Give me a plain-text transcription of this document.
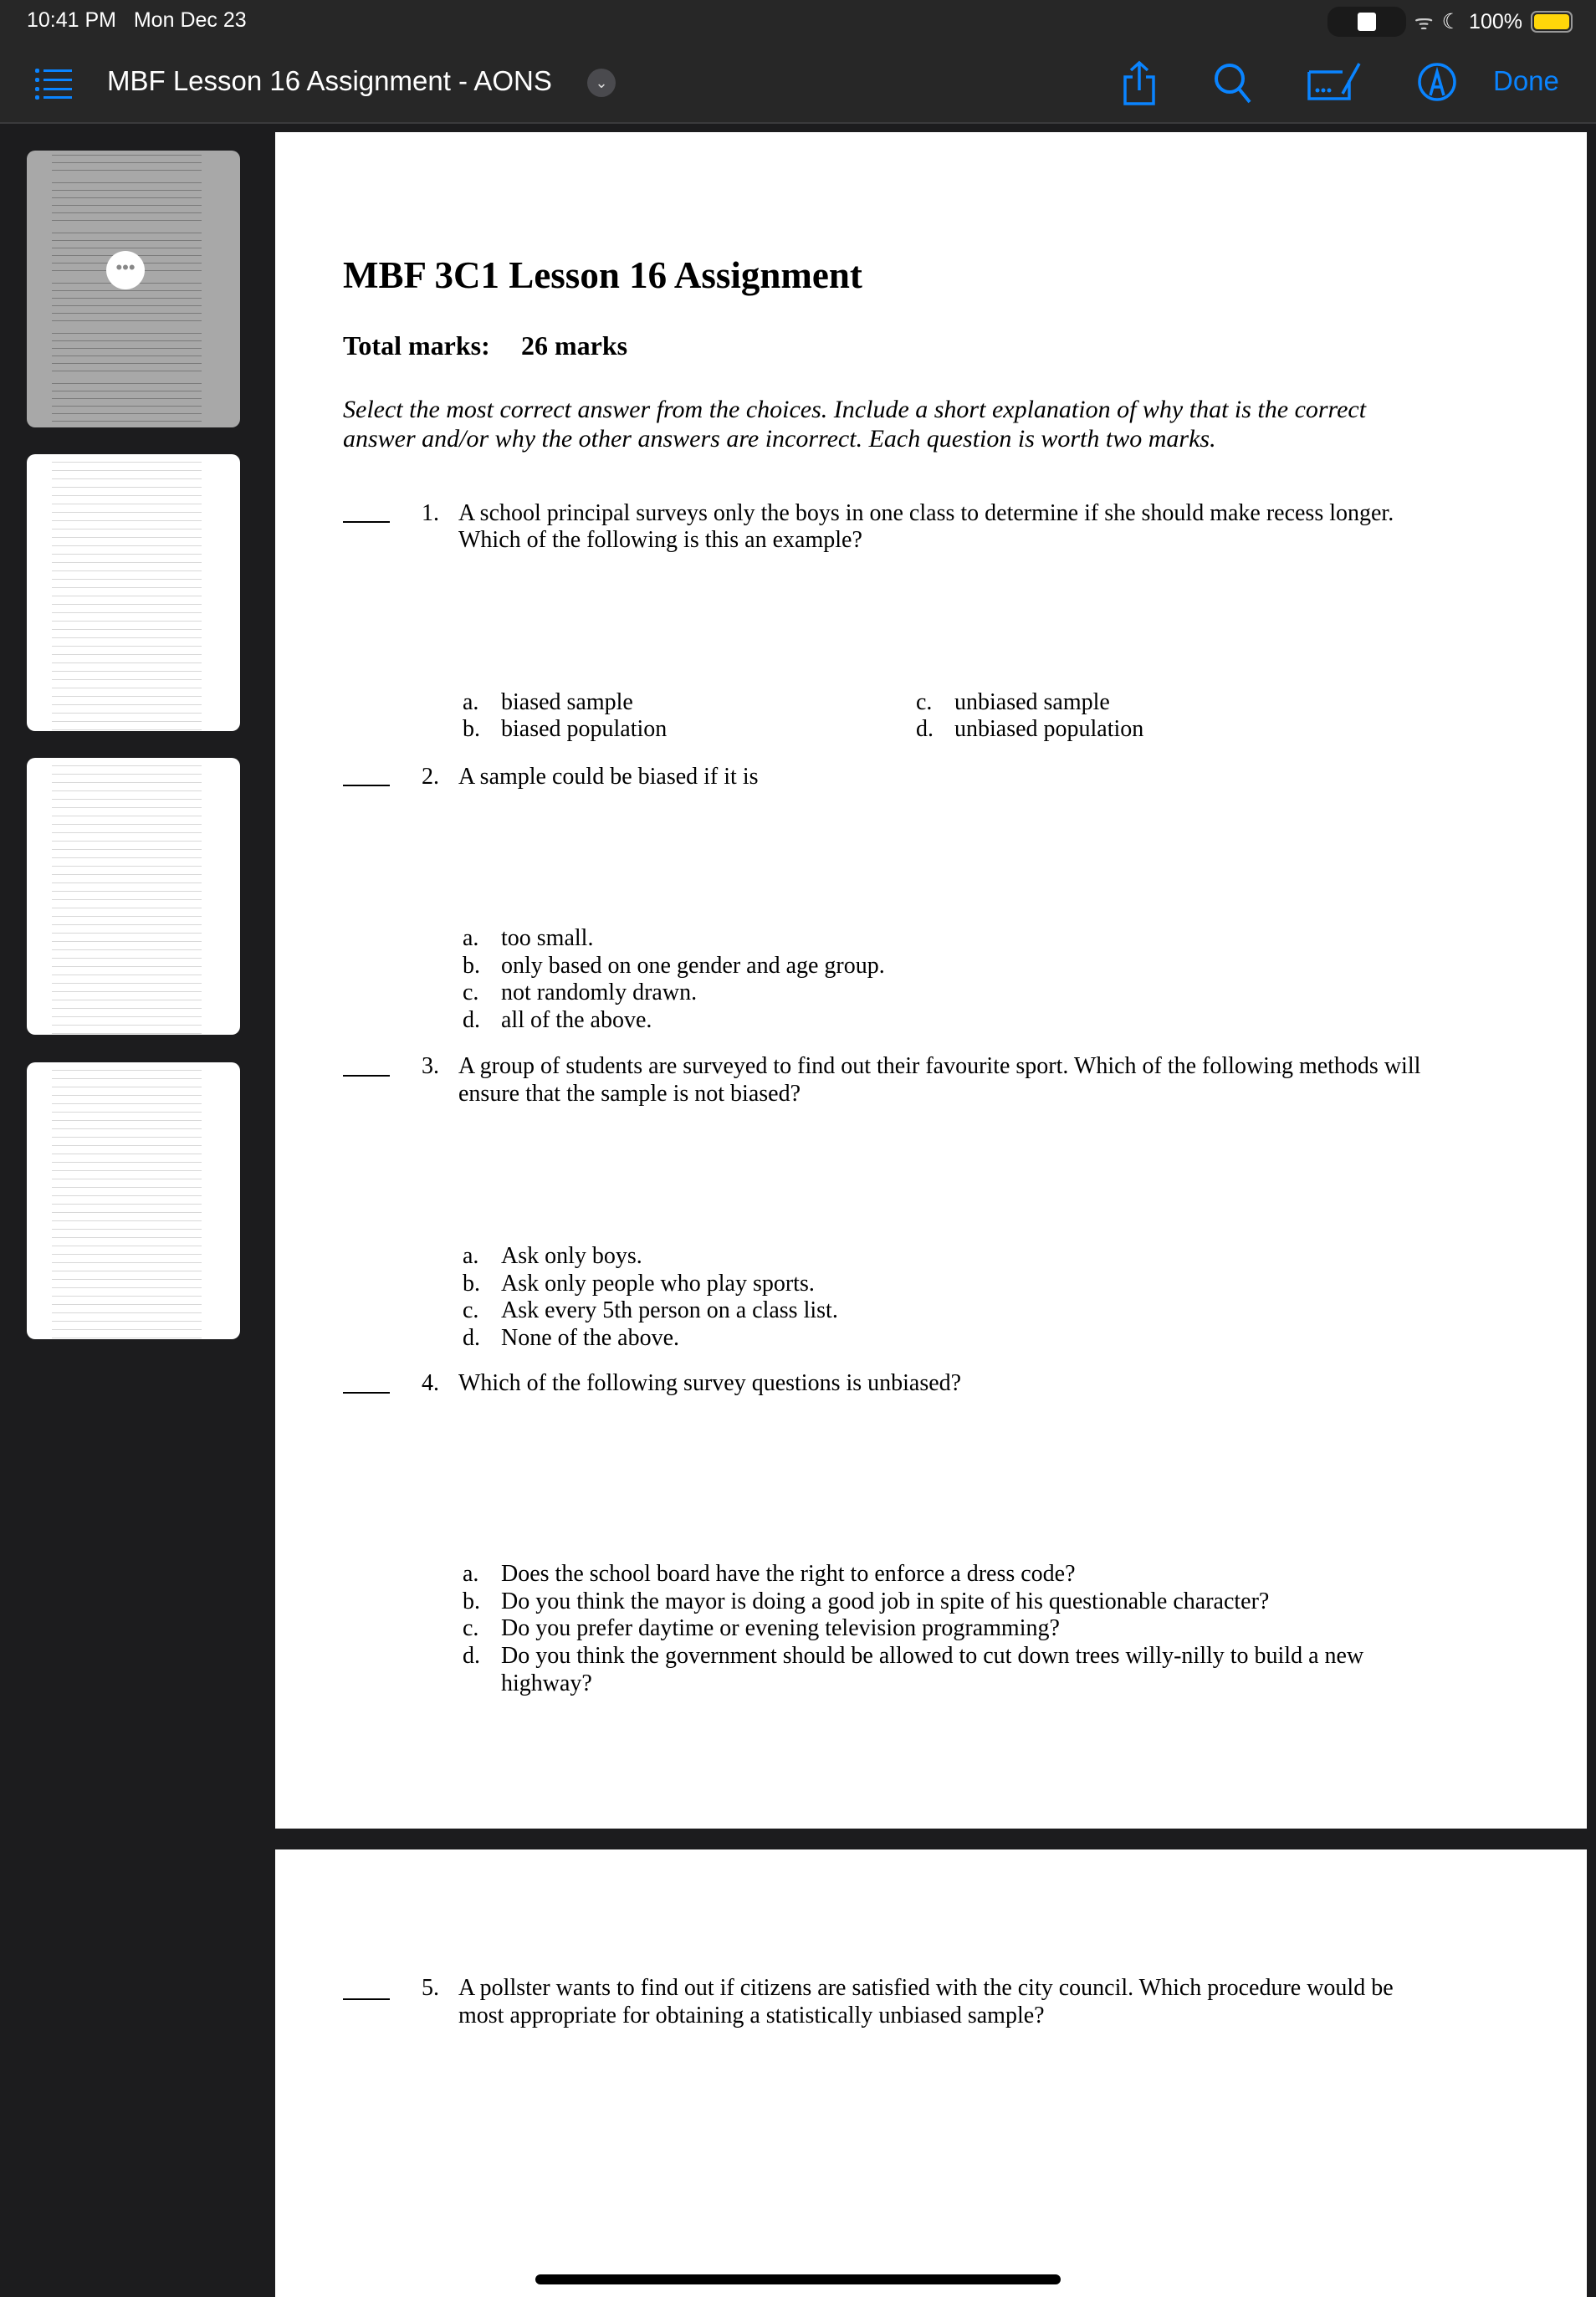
10:41 PM Mon Dec 23	ᯤ ☾ 100%
MBF Lesson 16 Assignment - AONS	⌄	Done
•••	MBF 3C1 Lesson 16 Assignment
Total marks: 26 marks
Select the most correct answer from the choices. Include a short explanation of why that is the correct
answer and/or why the other answers are incorrect. Each question is worth two marks.
1. A school principal surveys only the boys in one class to determine if she should make recess longer.
Which of the following is this an example?
a. biased sample
b. biased population
c. unbiased sample
d. unbiased population
2. A sample could be biased if it is
a. too small.
b. only based on one gender and age group.
c. not randomly drawn.
d. all of the above.
3. A group of students are surveyed to find out their favourite sport. Which of the following methods will
ensure that the sample is not biased?
a. Ask only boys.
b. Ask only people who play sports.
c. Ask every 5th person on a class list.
d. None of the above.
4. Which of the following survey questions is unbiased?
a. Does the school board have the right to enforce a dress code?
b. Do you think the mayor is doing a good job in spite of his questionable character?
c. Do you prefer daytime or evening television programming?
d. Do you think the government should be allowed to cut down trees willy-nilly to build a new
highway?
5. A pollster wants to find out if citizens are satisfied with the city council. Which procedure would be
most appropriate for obtaining a statistically unbiased sample?
